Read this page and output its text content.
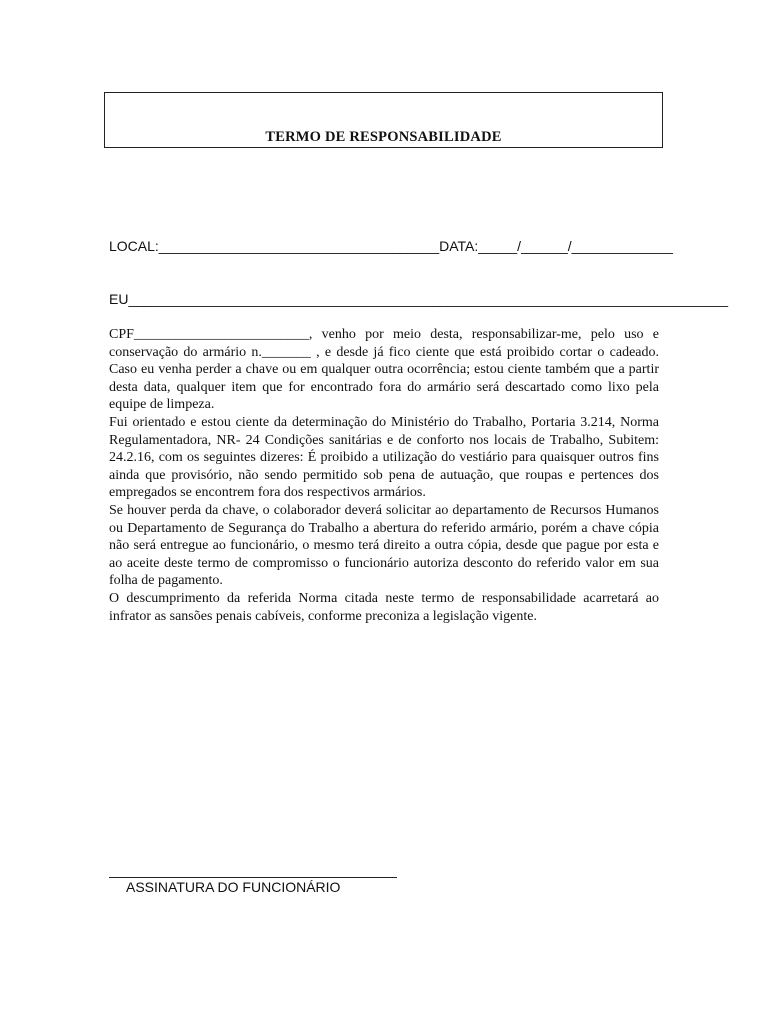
TERMO DE RESPONSABILIDADE
LOCAL:____________________________________DATA:_____/______/_____________
EU_____________________________________________________________________________

CPF_________________________, venho por meio desta, responsabilizar-me, pelo uso e conservação do armário n._______ , e desde já fico ciente que está proibido cortar o cadeado. Caso eu venha perder a chave ou em qualquer outra ocorrência; estou ciente também que a partir desta data, qualquer item que for encontrado fora do armário será descartado como lixo pela equipe de limpeza.

Fui orientado e estou ciente da determinação do Ministério do Trabalho, Portaria 3.214, Norma Regulamentadora, NR- 24 Condições sanitárias e de conforto nos locais de Trabalho, Subitem: 24.2.16, com os seguintes dizeres: É proibido a utilização do vestiário para quaisquer outros fins ainda que provisório, não sendo permitido sob pena de autuação, que roupas e pertences dos empregados se encontrem fora dos respectivos armários.

Se houver perda da chave, o colaborador deverá solicitar ao departamento de Recursos Humanos ou Departamento de Segurança do Trabalho a abertura do referido armário, porém a chave cópia não será entregue ao funcionário, o mesmo terá direito a outra cópia, desde que pague por esta e ao aceite deste termo de compromisso o funcionário autoriza desconto do referido valor em sua folha de pagamento.

O descumprimento da referida Norma citada neste termo de responsabilidade acarretará ao infrator as sansões penais cabíveis, conforme preconiza a legislação vigente.

ASSINATURA DO FUNCIONÁRIO
